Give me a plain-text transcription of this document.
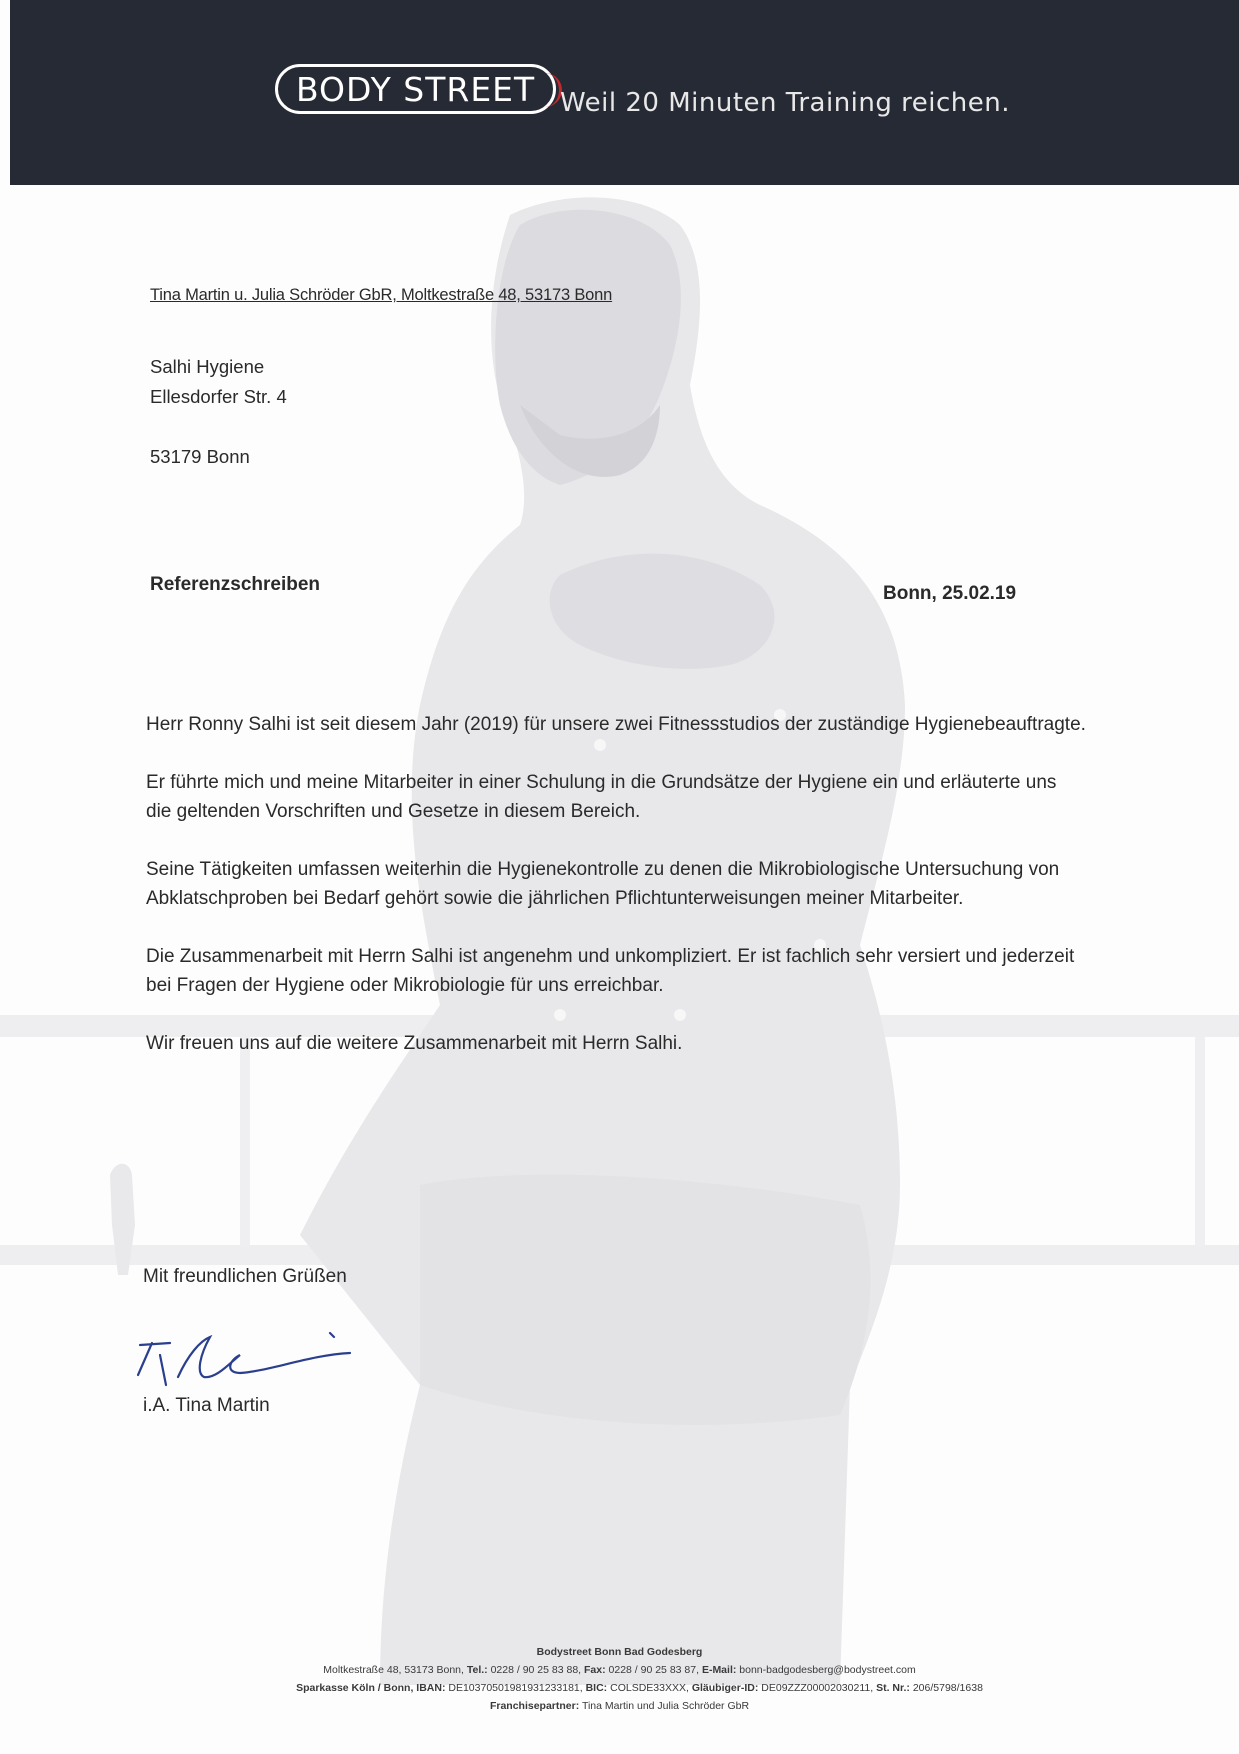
BODY STREET Weil 20 Minuten Training reichen.
Tina Martin u. Julia Schröder GbR, Moltkestraße 48, 53173 Bonn
Salhi Hygiene
Ellesdorfer Str. 4
53179 Bonn
Referenzschreiben	Bonn, 25.02.19

Herr Ronny Salhi ist seit diesem Jahr (2019) für unsere zwei Fitnessstudios der zuständige Hygienebeauftragte.

Er führte mich und meine Mitarbeiter in einer Schulung in die Grundsätze der Hygiene ein und erläuterte uns die geltenden Vorschriften und Gesetze in diesem Bereich.

Seine Tätigkeiten umfassen weiterhin die Hygienekontrolle zu denen die Mikrobiologische Untersuchung von Abklatschproben bei Bedarf gehört sowie die jährlichen Pflichtunterweisungen meiner Mitarbeiter.

Die Zusammenarbeit mit Herrn Salhi ist angenehm und unkompliziert. Er ist fachlich sehr versiert und jederzeit bei Fragen der Hygiene oder Mikrobiologie für uns erreichbar.

Wir freuen uns auf die weitere Zusammenarbeit mit Herrn Salhi.

Mit freundlichen Grüßen
i.A. Tina Martin
Bodystreet Bonn Bad Godesberg
Moltkestraße 48, 53173 Bonn, Tel.: 0228 / 90 25 83 88, Fax: 0228 / 90 25 83 87, E-Mail: bonn-badgodesberg@bodystreet.com
Sparkasse Köln / Bonn, IBAN: DE10370501981931233181, BIC: COLSDE33XXX, Gläubiger-ID: DE09ZZZ00002030211, St. Nr.: 206/5798/1638
Franchisepartner: Tina Martin und Julia Schröder GbR
